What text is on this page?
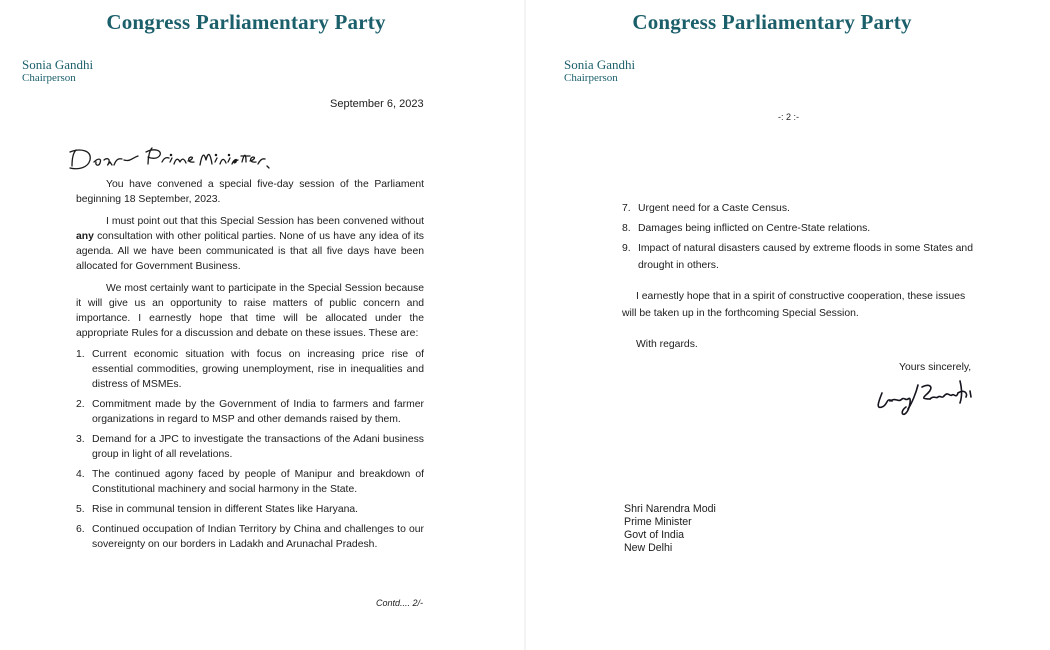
Congress Parliamentary Party
Sonia Gandhi
Chairperson
September 6, 2023

You have convened a special five-day session of the Parliament beginning 18 September, 2023.

I must point out that this Special Session has been convened without any consultation with other political parties. None of us have any idea of its agenda. All we have been communicated is that all five days have been allocated for Government Business.

We most certainly want to participate in the Special Session because it will give us an opportunity to raise matters of public concern and importance. I earnestly hope that time will be allocated under the appropriate Rules for a discussion and debate on these issues. These are:

1. Current economic situation with focus on increasing price rise of essential commodities, growing unemployment, rise in inequalities and distress of MSMEs.
2. Commitment made by the Government of India to farmers and farmer organizations in regard to MSP and other demands raised by them.
3. Demand for a JPC to investigate the transactions of the Adani business group in light of all revelations.
4. The continued agony faced by people of Manipur and breakdown of Constitutional machinery and social harmony in the State.
5. Rise in communal tension in different States like Haryana.
6. Continued occupation of Indian Territory by China and challenges to our sovereignty on our borders in Ladakh and Arunachal Pradesh.
Contd.... 2/-
Congress Parliamentary Party
Sonia Gandhi
Chairperson
-: 2 :-
7. Urgent need for a Caste Census.
8. Damages being inflicted on Centre-State relations.
9. Impact of natural disasters caused by extreme floods in some States and drought in others.

I earnestly hope that in a spirit of constructive cooperation, these issues will be taken up in the forthcoming Special Session.

With regards.
Yours sincerely,
Shri Narendra Modi
Prime Minister
Govt of India
New Delhi
